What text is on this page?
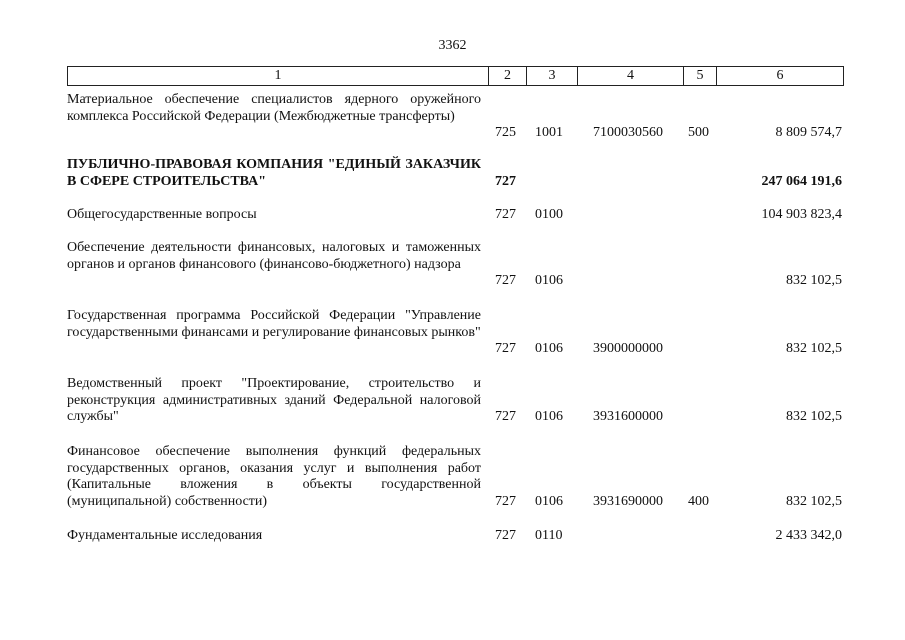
3362
1	2	3	4	5	6
Материальное обеспечение специалистов ядерного оружейного комплекса Российской Федерации (Межбюджетные трансферты)
725 1001	7100030560	500	8 809 574,7
ПУБЛИЧНО-ПРАВОВАЯ КОМПАНИЯ "ЕДИНЫЙ ЗАКАЗЧИК В СФЕРЕ СТРОИТЕЛЬСТВА"	727	247 064 191,6
Общегосударственные вопросы	727 0100	104 903 823,4
Обеспечение деятельности финансовых, налоговых и таможенных органов и органов финансового (финансово-бюджетного) надзора
727 0106	832 102,5
Государственная программа Российской Федерации "Управление государственными финансами и регулирование финансовых рынков"
727 0106	3900000000	832 102,5
Ведомственный проект "Проектирование, строительство и реконструкция административных зданий Федеральной налоговой службы"	727 0106	3931600000	832 102,5
Финансовое обеспечение выполнения функций федеральных государственных органов, оказания услуг и выполнения работ (Капитальные вложения в объекты государственной (муниципальной) собственности)	727 0106	3931690000	400	832 102,5
Фундаментальные исследования	727 0110	2 433 342,0
